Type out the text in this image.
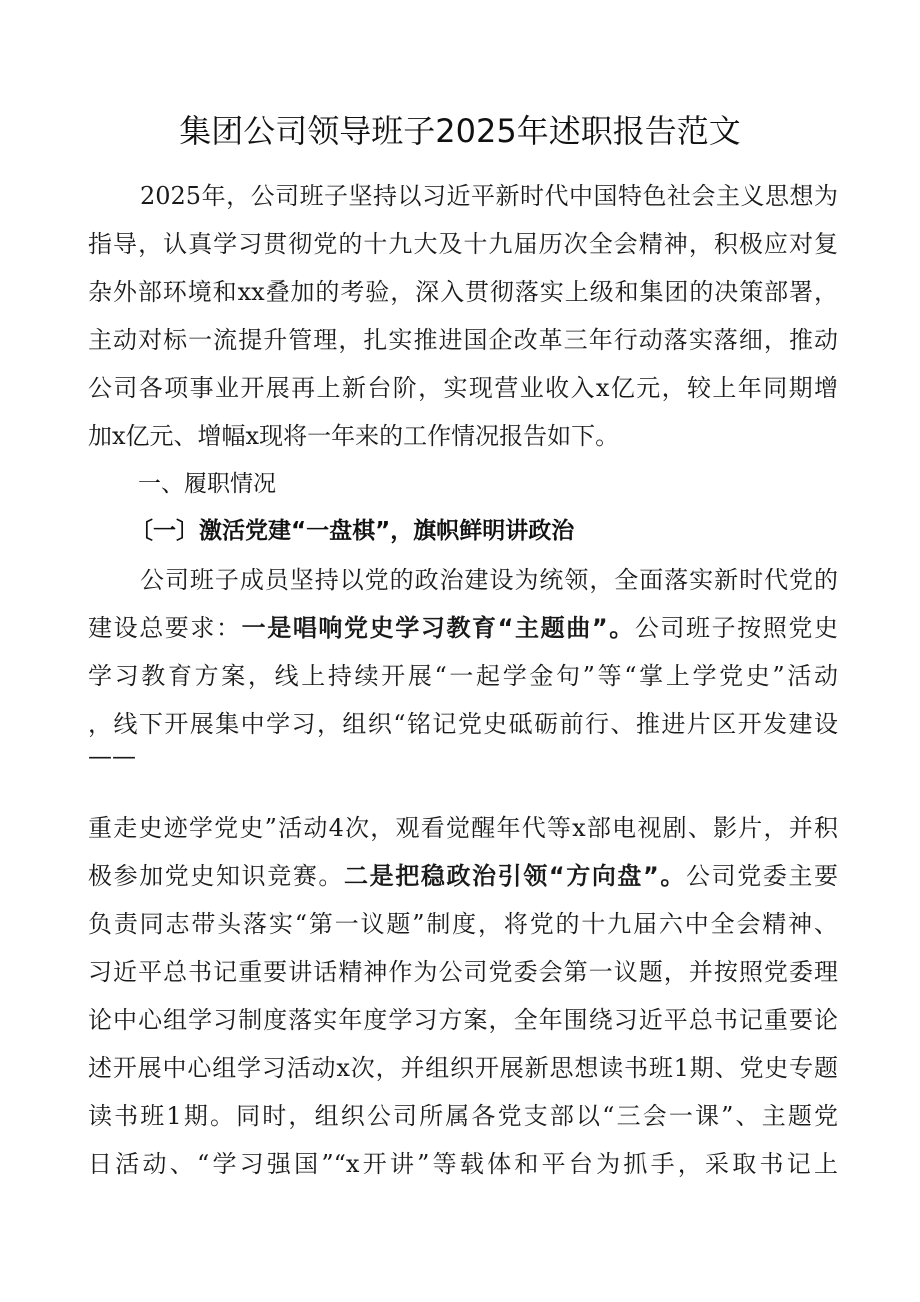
集团公司领导班子2025年述职报告范文
2025年，公司班子坚持以习近平新时代中国特色社会主义思想为
指导，认真学习贯彻党的十九大及十九届历次全会精神，积极应对复
杂外部环境和xx叠加的考验，深入贯彻落实上级和集团的决策部署，
主动对标一流提升管理，扎实推进国企改革三年行动落实落细，推动
公司各项事业开展再上新台阶，实现营业收入x亿元，较上年同期增
加x亿元、增幅x现将一年来的工作情况报告如下。
一、履职情况
〔一〕激活党建“一盘棋”，旗帜鲜明讲政治
公司班子成员坚持以党的政治建设为统领，全面落实新时代党的
建设总要求：一是唱响党史学习教育“主题曲”。公司班子按照党史
学习教育方案，线上持续开展“一起学金句”等“掌上学党史”活动
，线下开展集中学习，组织“铭记党史砥砺前行、推进片区开发建设
——
重走史迹学党史”活动4次，观看觉醒年代等x部电视剧、影片，并积
极参加党史知识竞赛。二是把稳政治引领“方向盘”。公司党委主要
负责同志带头落实“第一议题”制度，将党的十九届六中全会精神、
习近平总书记重要讲话精神作为公司党委会第一议题，并按照党委理
论中心组学习制度落实年度学习方案，全年围绕习近平总书记重要论
述开展中心组学习活动x次，并组织开展新思想读书班1期、党史专题
读书班1期。同时，组织公司所属各党支部以“三会一课”、主题党
日活动、“学习强国”“x开讲”等载体和平台为抓手，采取书记上
